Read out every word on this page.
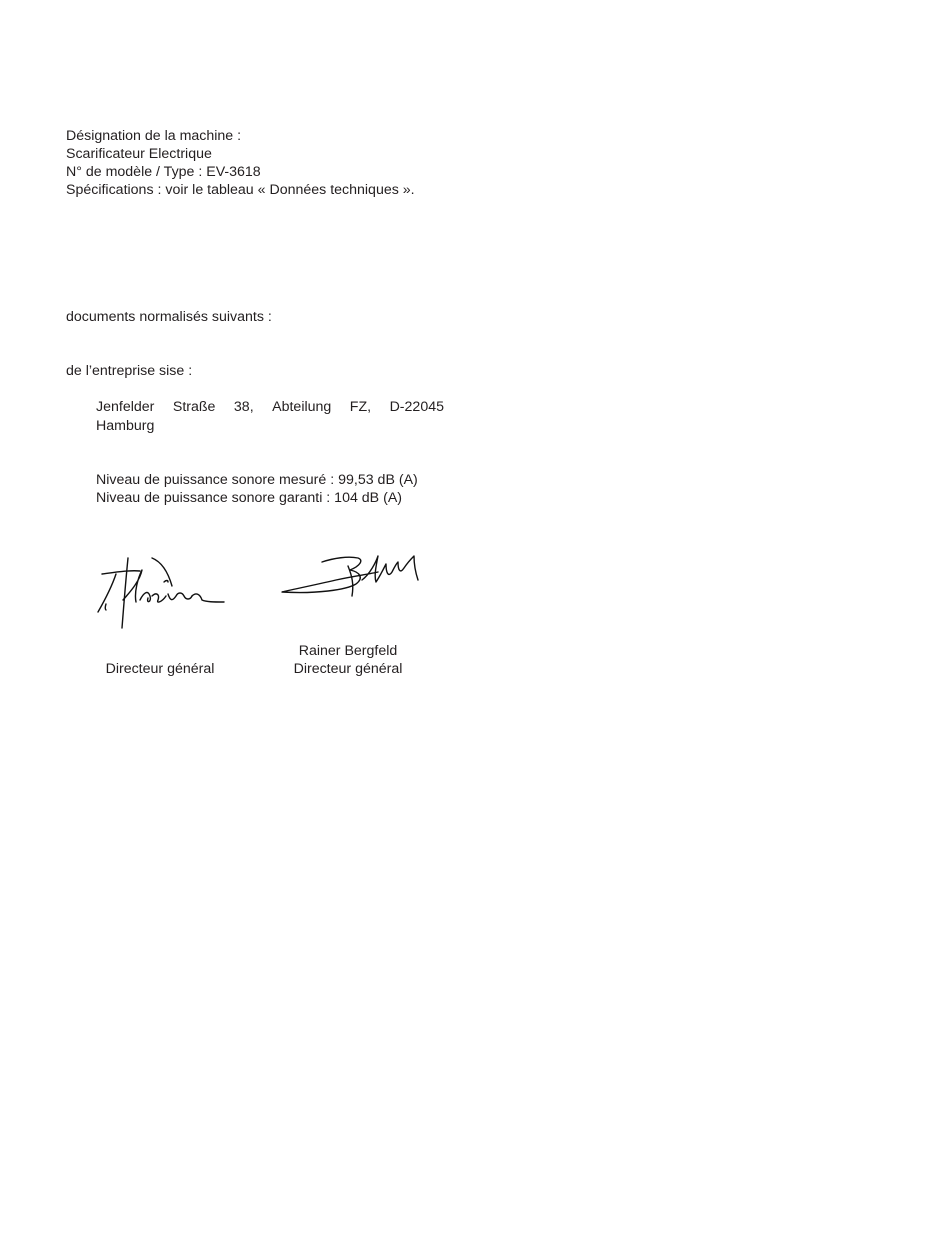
Désignation de la machine :
Scarificateur Electrique
N° de modèle / Type : EV-3618
Spécifications : voir le tableau « Données techniques ».
documents normalisés suivants :
de l’entreprise sise :
Jenfelder Straße 38, Abteilung FZ, D-22045
Hamburg
Niveau de puissance sonore mesuré : 99,53 dB (A)
Niveau de puissance sonore garanti : 104 dB (A)
Directeur général
Rainer Bergfeld
Directeur général
